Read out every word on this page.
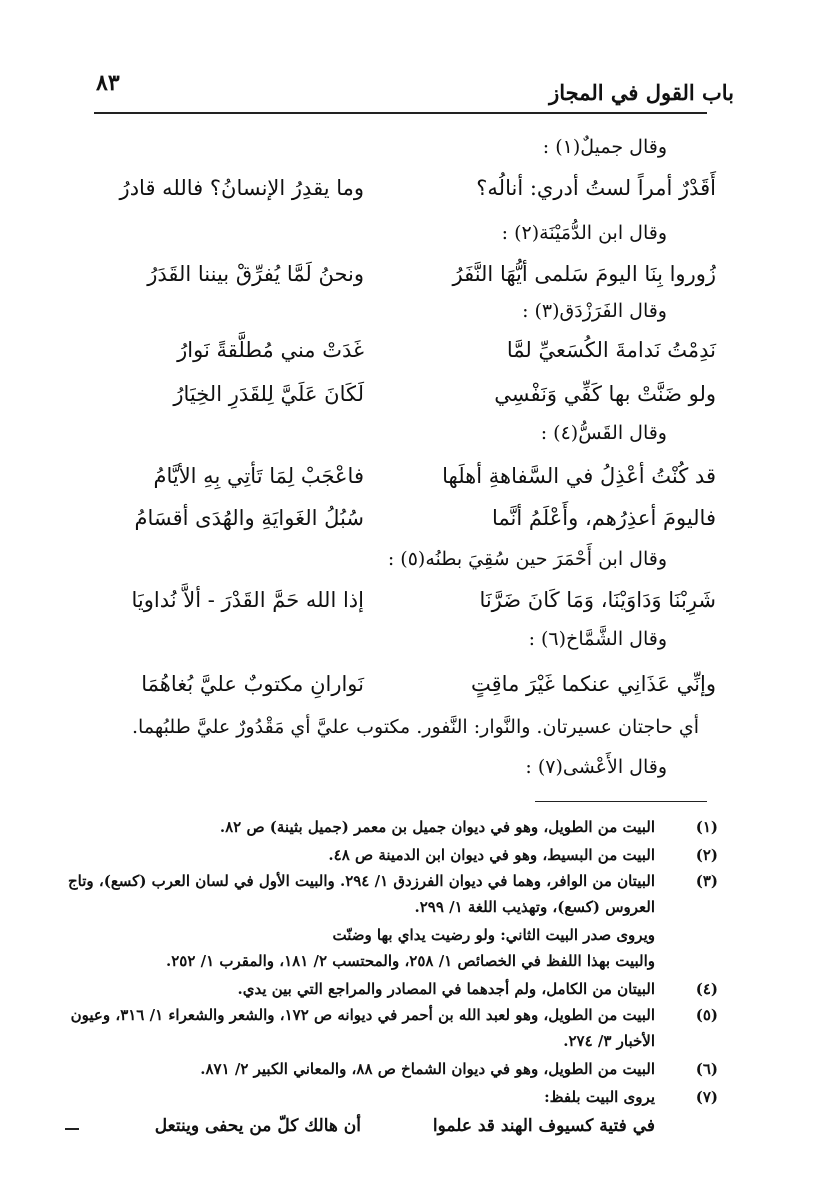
باب القول في المجاز
٨٣
وقال جميلٌ(١) :
أَقَدْرٌ أمراً لستُ أدري: أنالُه؟
وما يقدِرُ الإنسانُ؟ فالله قادرُ
وقال ابن الدُّمَيْنَة(٢) :
زُوروا بِنَا اليومَ سَلمى أيُّهَا النَّفَرُ
ونحنُ لَمَّا يُفرِّقْ بيننا القَدَرُ
وقال الفَرَزْدَق(٣) :
نَدِمْتُ نَدامةَ الكُسَعيِّ لمَّا
غَدَتْ مني مُطلَّقةً نَوارُ
ولو ضَنَّتْ بها كَفِّي وَنَفْسِي
لَكَانَ عَلَيَّ لِلقَدَرِ الخِيَارُ
وقال القَسُّ(٤) :
قد كُنْتُ أعْذِلُ في السَّفاهةِ أهلَها
فاعْجَبْ لِمَا تَأتِي بِهِ الأيَّامُ
فاليومَ أعذِرُهم، وأَعْلَمُ أنَّما
سُبُلُ الغَوايَةِ والهُدَى أقسَامُ
وقال ابن أَحْمَرَ حين سُقِيَ بطنُه(٥) :
شَرِبْنَا وَدَاوَيْنَا، وَمَا كَانَ ضَرَّنَا
إذا الله حَمَّ القَدْرَ - ألاَّ نُداويَا
وقال الشَّمَّاخ(٦) :
وإنِّي عَذَانِي عنكما غَيْرَ ماقِتٍ
نَوارانِ مكتوبٌ عليَّ بُغاهُمَا
أي حاجتان عسيرتان. والنَّوار: النَّفور. مكتوب عليَّ أي مَقْدُورٌ عليَّ طلبُهما.
وقال الأَعْشى(٧) :
(١)
البيت من الطويل، وهو في ديوان جميل بن معمر (جميل بثينة) ص ٨٢.
(٢)
البيت من البسيط، وهو في ديوان ابن الدمينة ص ٤٨.
(٣)
البيتان من الوافر، وهما في ديوان الفرزدق ١/ ٢٩٤. والبيت الأول في لسان العرب (كسع)، وتاج
العروس (كسع)، وتهذيب اللغة ١/ ٢٩٩.
ويروى صدر البيت الثاني: ولو رضيت يداي بها وضنّت
والبيت بهذا اللفظ في الخصائص ١/ ٢٥٨، والمحتسب ٢/ ١٨١، والمقرب ١/ ٢٥٢.
(٤)
البيتان من الكامل، ولم أجدهما في المصادر والمراجع التي بين يدي.
(٥)
البيت من الطويل، وهو لعبد الله بن أحمر في ديوانه ص ١٧٢، والشعر والشعراء ١/ ٣١٦، وعيون
الأخبار ٣/ ٢٧٤.
(٦)
البيت من الطويل، وهو في ديوان الشماخ ص ٨٨، والمعاني الكبير ٢/ ٨٧١.
(٧)
يروى البيت بلفظ:
في فتية كسيوف الهند قد علموا
أن هالك كلّ من يحفى وينتعل
